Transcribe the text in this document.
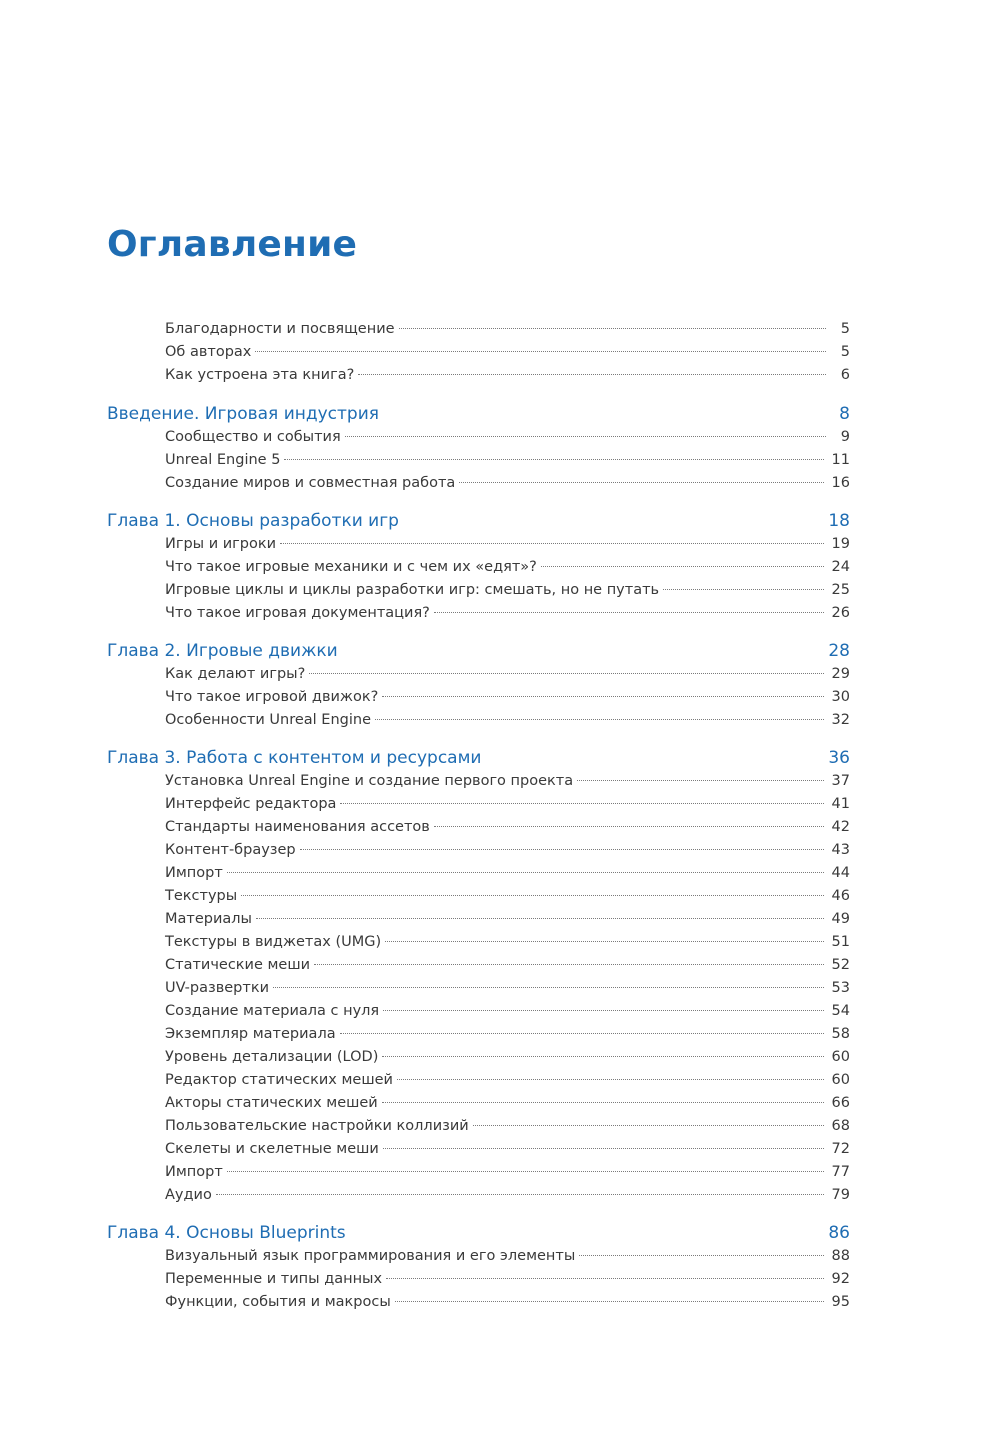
Оглавление
Благодарности и посвящение	5
Об авторах	5
Как устроена эта книга?	6
Введение. Игровая индустрия	8
Сообщество и события	9
Unreal Engine 5	11
Создание миров и совместная работа	16
Глава 1. Основы разработки игр	18
Игры и игроки	19
Что такое игровые механики и с чем их «едят»?	24
Игровые циклы и циклы разработки игр: смешать, но не путать	25
Что такое игровая документация?	26
Глава 2. Игровые движки	28
Как делают игры?	29
Что такое игровой движок?	30
Особенности Unreal Engine	32
Глава 3. Работа с контентом и ресурсами	36
Установка Unreal Engine и создание первого проекта	37
Интерфейс редактора	41
Стандарты наименования ассетов	42
Контент-браузер	43
Импорт	44
Текстуры	46
Материалы	49
Текстуры в виджетах (UMG)	51
Статические меши	52
UV-развертки	53
Создание материала с нуля	54
Экземпляр материала	58
Уровень детализации (LOD)	60
Редактор статических мешей	60
Акторы статических мешей	66
Пользовательские настройки коллизий	68
Скелеты и скелетные меши	72
Импорт	77
Аудио	79
Глава 4. Основы Blueprints	86
Визуальный язык программирования и его элементы	88
Переменные и типы данных	92
Функции, события и макросы	95
